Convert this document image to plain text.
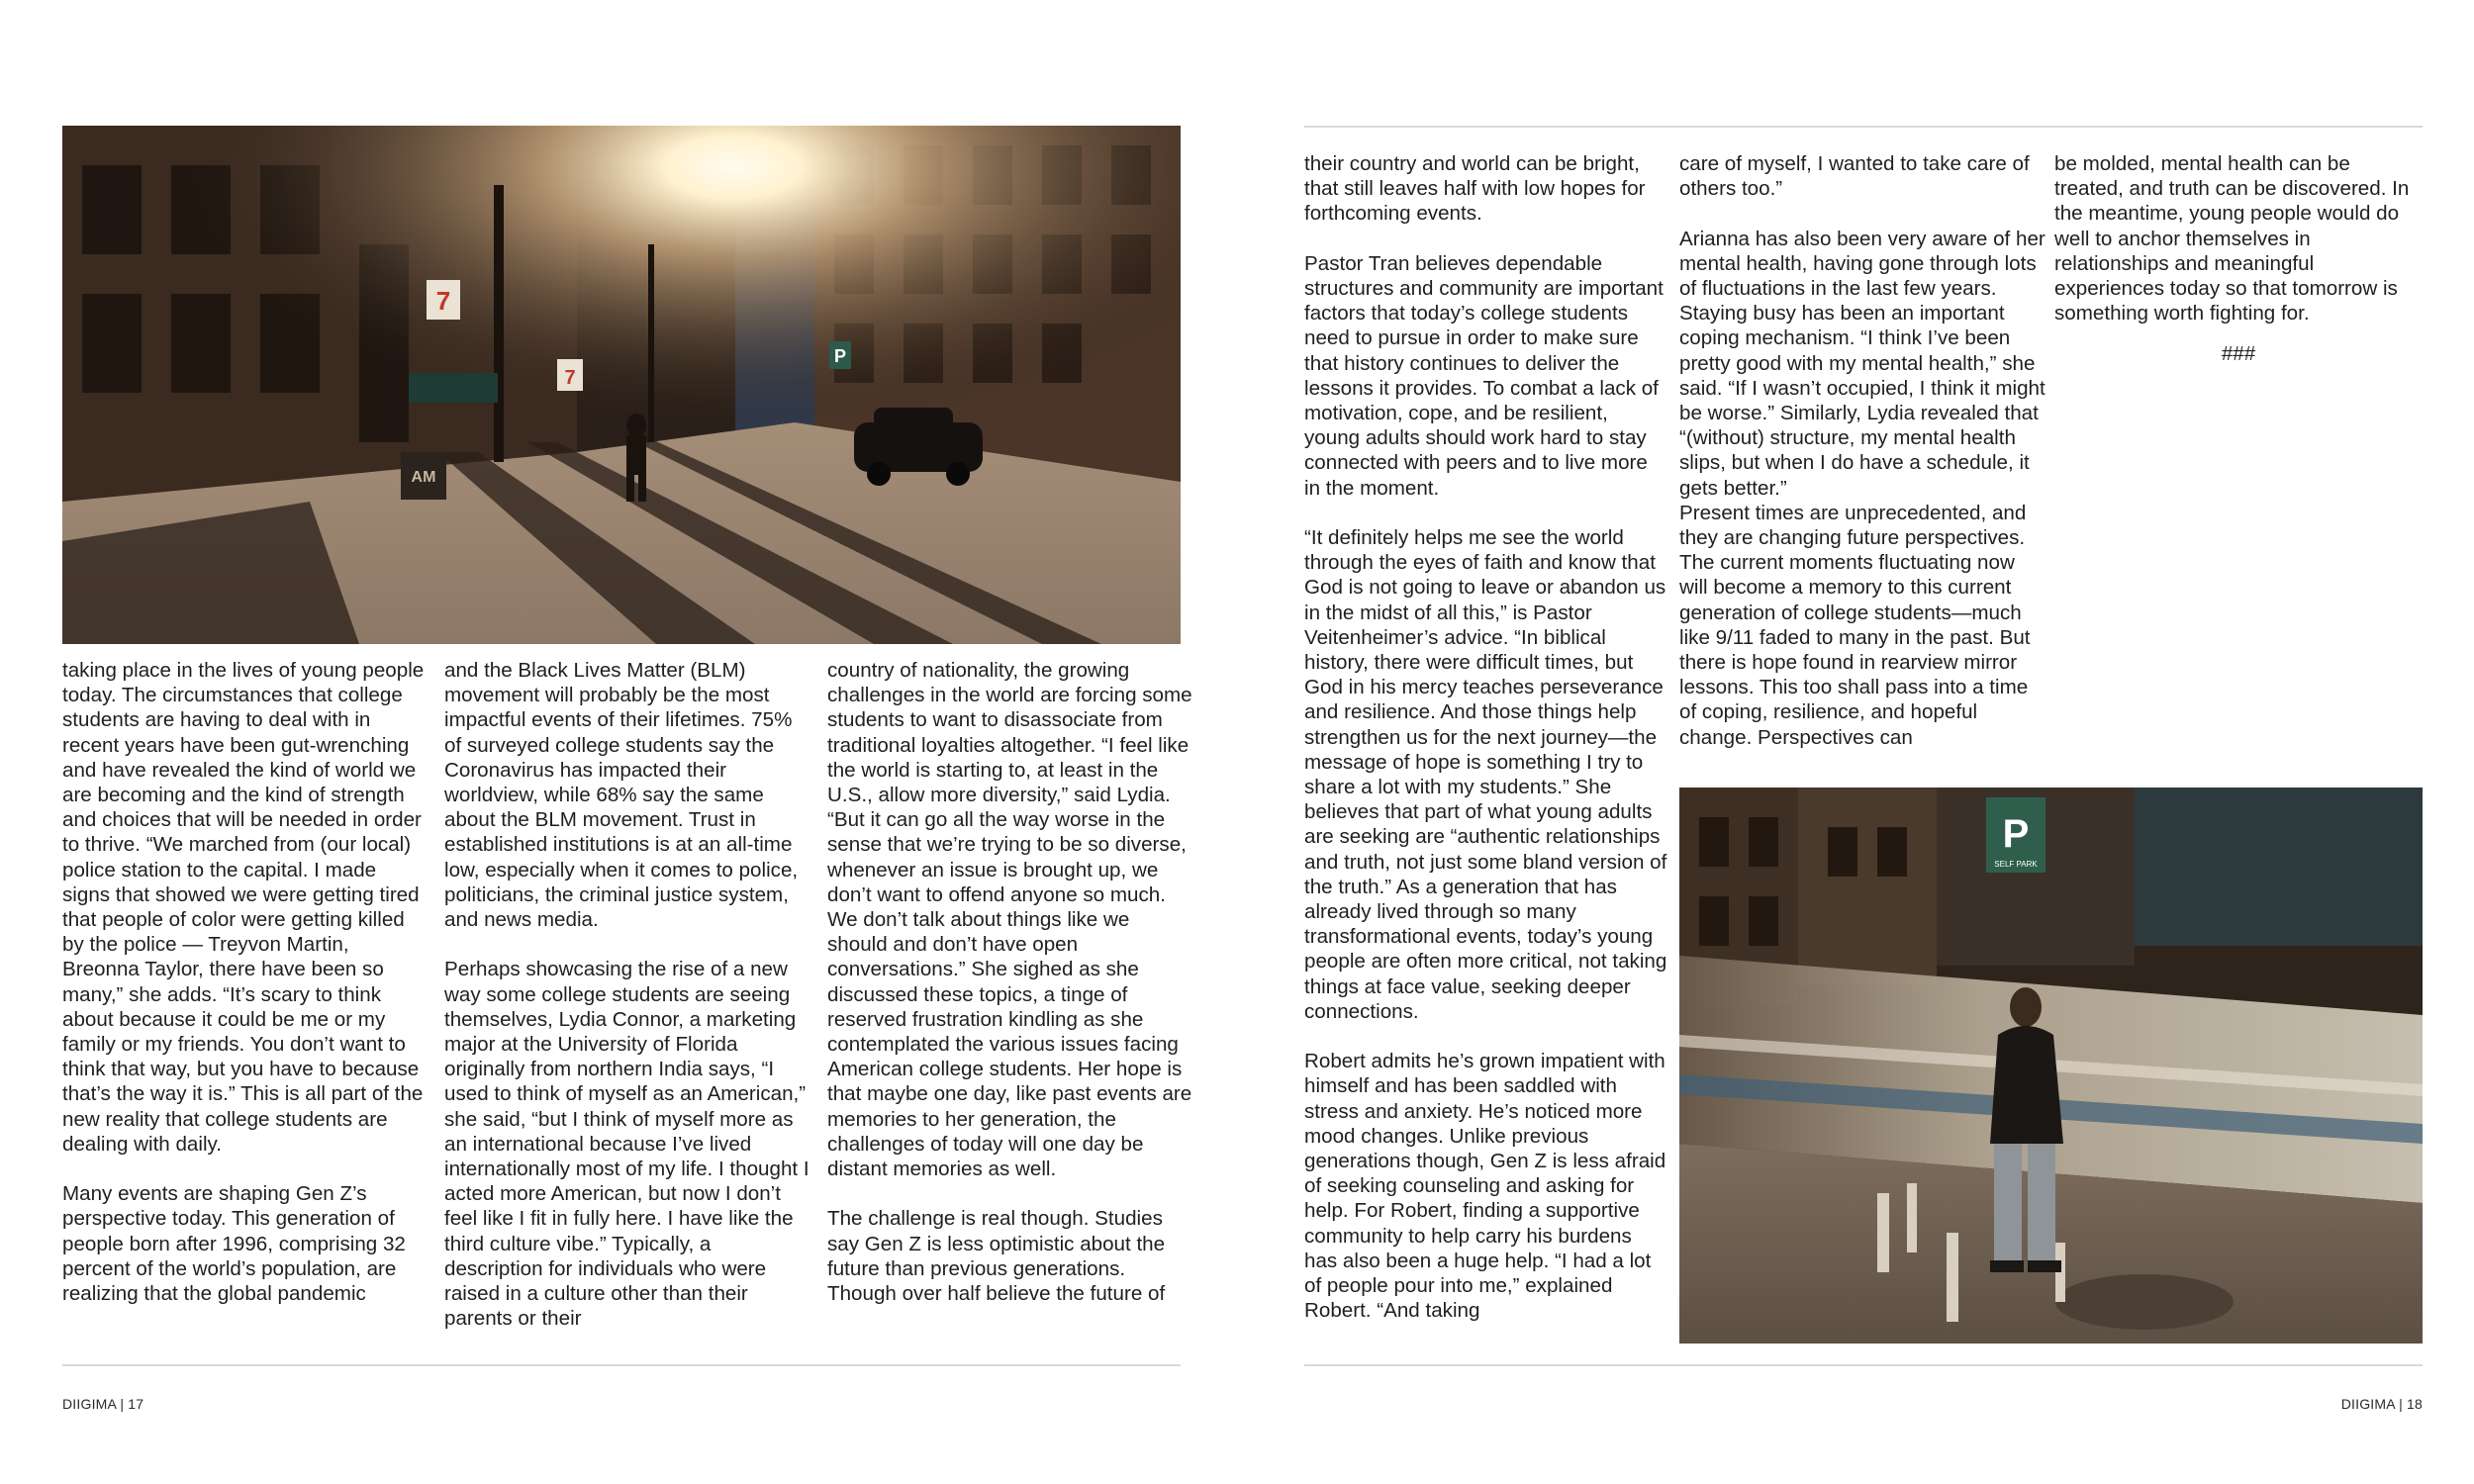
7
7
AM
P

taking place in the lives of young people today. The circumstances that college students are having to deal with in recent years have been gut-wrenching and have revealed the kind of world we are becoming and the kind of strength and choices that will be needed in order to thrive. “We marched from (our local) police station to the capital. I made signs that showed we were getting tired that people of color were getting killed by the police — Treyvon Martin, Breonna Taylor, there have been so many,” she adds. “It’s scary to think about because it could be me or my family or my friends. You don’t want to think that way, but you have to because that’s the way it is.” This is all part of the new reality that college students are dealing with daily.

Many events are shaping Gen Z’s perspective today. This generation of people born after 1996, comprising 32 percent of the world’s population, are realizing that the global pandemic

and the Black Lives Matter (BLM) movement will probably be the most impactful events of their lifetimes. 75% of surveyed college students say the Coronavirus has impacted their worldview, while 68% say the same about the BLM movement. Trust in established institutions is at an all-time low, especially when it comes to police, politicians, the criminal justice system, and news media.

Perhaps showcasing the rise of a new way some college students are seeing themselves, Lydia Connor, a marketing major at the University of Florida originally from northern India says, “I used to think of myself as an American,” she said, “but I think of myself more as an international because I’ve lived internationally most of my life. I thought I acted more American, but now I don’t feel like I fit in fully here. I have like the third culture vibe.” Typically, a description for individuals who were raised in a culture other than their parents or their

country of nationality, the growing challenges in the world are forcing some students to want to disassociate from traditional loyalties altogether. “I feel like the world is starting to, at least in the U.S., allow more diversity,” said Lydia. “But it can go all the way worse in the sense that we’re trying to be so diverse, whenever an issue is brought up, we don’t want to offend anyone so much. We don’t talk about things like we should and don’t have open conversations.” She sighed as she discussed these topics, a tinge of reserved frustration kindling as she contemplated the various issues facing American college students. Her hope is that maybe one day, like past events are memories to her generation, the challenges of today will one day be distant memories as well.

The challenge is real though. Studies say Gen Z is less optimistic about the future than previous generations. Though over half believe the future of

DIIGIMA | 17

their country and world can be bright, that still leaves half with low hopes for forthcoming events.

Pastor Tran believes dependable structures and community are important factors that today’s college students need to pursue in order to make sure that history continues to deliver the lessons it provides. To combat a lack of motivation, cope, and be resilient, young adults should work hard to stay connected with peers and to live more in the moment.

“It definitely helps me see the world through the eyes of faith and know that God is not going to leave or abandon us in the midst of all this,” is Pastor Veitenheimer’s advice. “In biblical history, there were difficult times, but God in his mercy teaches perseverance and resilience. And those things help strengthen us for the next journey—the message of hope is something I try to share a lot with my students.” She believes that part of what young adults are seeking are “authentic relationships and truth, not just some bland version of the truth.” As a generation that has already lived through so many transformational events, today’s young people are often more critical, not taking things at face value, seeking deeper connections.

Robert admits he’s grown impatient with himself and has been saddled with stress and anxiety. He’s noticed more mood changes. Unlike previous generations though, Gen Z is less afraid of seeking counseling and asking for help. For Robert, finding a supportive community to help carry his burdens has also been a huge help. “I had a lot of people pour into me,” explained Robert. “And taking

care of myself, I wanted to take care of others too.”

Arianna has also been very aware of her mental health, having gone through lots of fluctuations in the last few years. Staying busy has been an important coping mechanism. “I think I’ve been pretty good with my mental health,” she said. “If I wasn’t occupied, I think it might be worse.” Similarly, Lydia revealed that “(without) structure, my mental health slips, but when I do have a schedule, it gets better.”

Present times are unprecedented, and they are changing future perspectives. The current moments fluctuating now will become a memory to this current generation of college students—much like 9/11 faded to many in the past. But there is hope found in rearview mirror lessons. This too shall pass into a time of coping, resilience, and hopeful change. Perspectives can

be molded, mental health can be treated, and truth can be discovered. In the meantime, young people would do well to anchor themselves in relationships and meaningful experiences today so that tomorrow is something worth fighting for.

###
P
SELF PARK
DIIGIMA | 18
